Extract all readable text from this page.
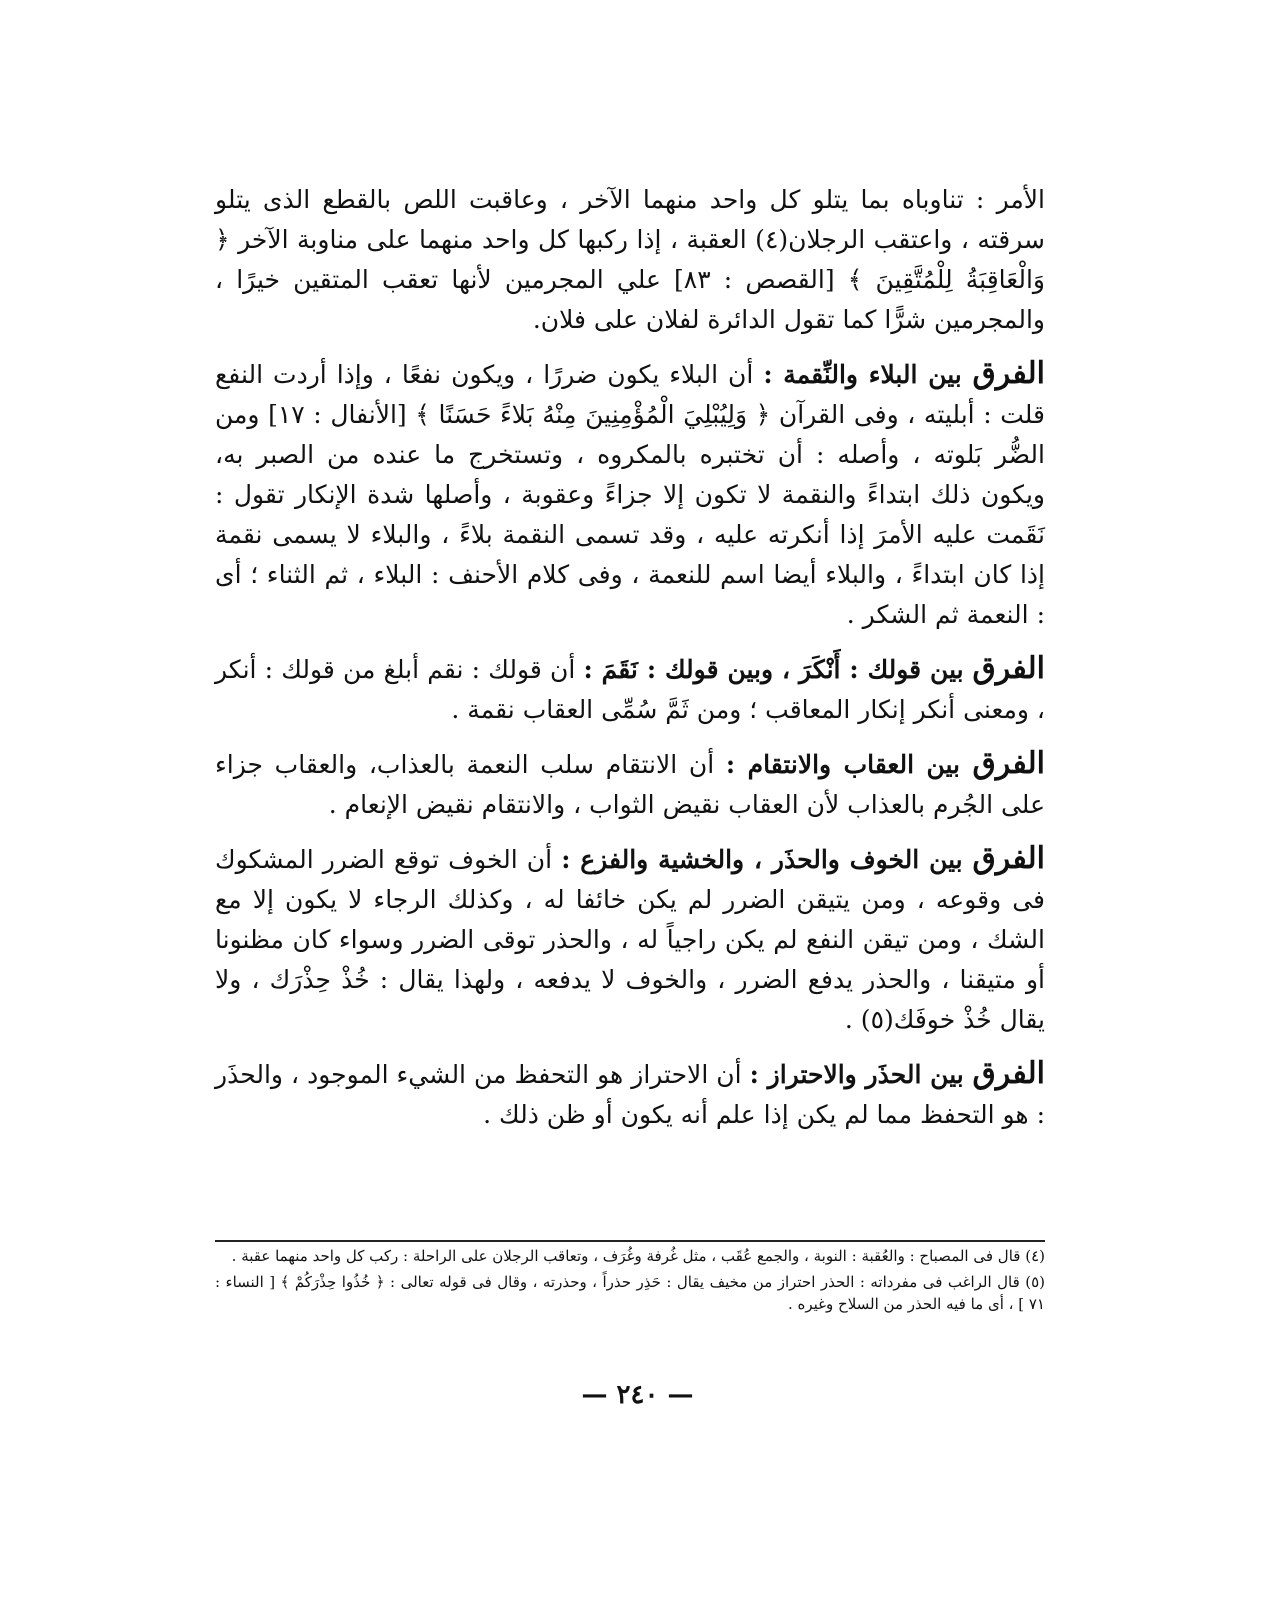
الأمر : تناوباه بما يتلو كل واحد منهما الآخر ، وعاقبت اللص بالقطع الذى يتلو سرقته ، واعتقب الرجلان(٤) العقبة ، إذا ركبها كل واحد منهما على مناوبة الآخر ﴿ وَالْعَاقِبَةُ لِلْمُتَّقِينَ ﴾ [القصص : ٨٣] علي المجرمين لأنها تعقب المتقين خيرًا ، والمجرمين شرًّا كما تقول الدائرة لفلان على فلان.

الفرق بين البلاء والنِّقمة : أن البلاء يكون ضررًا ، ويكون نفعًا ، وإذا أردت النفع قلت : أبليته ، وفى القرآن ﴿ وَلِيُبْلِيَ الْمُؤْمِنِينَ مِنْهُ بَلاءً حَسَنًا ﴾ [الأنفال : ١٧] ومن الضُّر بَلوته ، وأصله : أن تختبره بالمكروه ، وتستخرج ما عنده من الصبر به، ويكون ذلك ابتداءً والنقمة لا تكون إلا جزاءً وعقوبة ، وأصلها شدة الإنكار تقول : نَقَمت عليه الأمرَ إذا أنكرته عليه ، وقد تسمى النقمة بلاءً ، والبلاء لا يسمى نقمة إذا كان ابتداءً ، والبلاء أيضا اسم للنعمة ، وفى كلام الأحنف : البلاء ، ثم الثناء ؛ أى : النعمة ثم الشكر .

الفرق بين قولك : أَنْكَرَ ، وبين قولك : نَقَمَ : أن قولك : نقم أبلغ من قولك : أنكر ، ومعنى أنكر إنكار المعاقب ؛ ومن ثَمَّ سُمِّى العقاب نقمة .

الفرق بين العقاب والانتقام : أن الانتقام سلب النعمة بالعذاب، والعقاب جزاء على الجُرم بالعذاب لأن العقاب نقيض الثواب ، والانتقام نقيض الإنعام .

الفرق بين الخوف والحذَر ، والخشية والفزع : أن الخوف توقع الضرر المشكوك فى وقوعه ، ومن يتيقن الضرر لم يكن خائفا له ، وكذلك الرجاء لا يكون إلا مع الشك ، ومن تيقن النفع لم يكن راجياً له ، والحذر توقى الضرر وسواء كان مظنونا أو متيقنا ، والحذر يدفع الضرر ، والخوف لا يدفعه ، ولهذا يقال : خُذْ حِذْرَك ، ولا يقال خُذْ خوفَك(٥) .

الفرق بين الحذَر والاحتراز : أن الاحتراز هو التحفظ من الشيء الموجود ، والحذَر : هو التحفظ مما لم يكن إذا علم أنه يكون أو ظن ذلك .

(٤) قال فى المصباح : والعُقبة : النوبة ، والجمع عُقَب ، مثل غُرفة وغُرَف ، وتعاقب الرجلان على الراحلة : ركب كل واحد منهما عقبة .

(٥) قال الراغب فى مفرداته : الحذر احتراز من مخيف يقال : حَذِر حذراً ، وحذرته ، وقال فى قوله تعالى : ﴿ خُذُوا حِذْرَكُمْ ﴾ [ النساء : ٧١ ] ، أى ما فيه الحذر من السلاح وغيره .

— ٢٤٠ —
